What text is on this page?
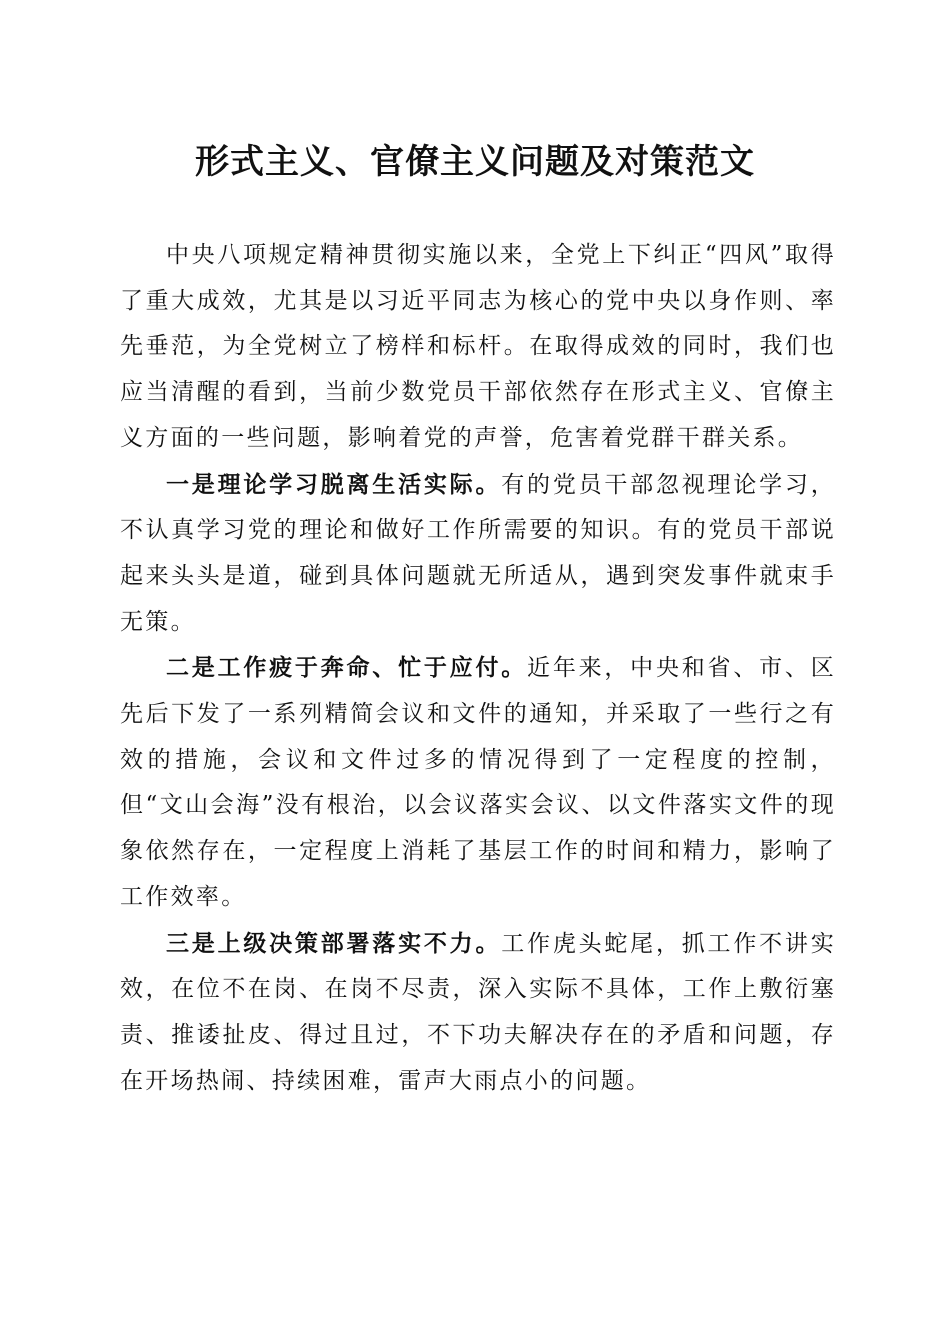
形式主义、官僚主义问题及对策范文

中央八项规定精神贯彻实施以来，全党上下纠正“四风”取得了重大成效，尤其是以习近平同志为核心的党中央以身作则、率先垂范，为全党树立了榜样和标杆。在取得成效的同时，我们也应当清醒的看到，当前少数党员干部依然存在形式主义、官僚主义方面的一些问题，影响着党的声誉，危害着党群干群关系。

一是理论学习脱离生活实际。有的党员干部忽视理论学习，不认真学习党的理论和做好工作所需要的知识。有的党员干部说起来头头是道，碰到具体问题就无所适从，遇到突发事件就束手无策。

二是工作疲于奔命、忙于应付。近年来，中央和省、市、区先后下发了一系列精简会议和文件的通知，并采取了一些行之有效的措施，会议和文件过多的情况得到了一定程度的控制，但“文山会海”没有根治，以会议落实会议、以文件落实文件的现象依然存在，一定程度上消耗了基层工作的时间和精力，影响了工作效率。

三是上级决策部署落实不力。工作虎头蛇尾，抓工作不讲实效，在位不在岗、在岗不尽责，深入实际不具体，工作上敷衍塞责、推诿扯皮、得过且过，不下功夫解决存在的矛盾和问题，存在开场热闹、持续困难，雷声大雨点小的问题。
